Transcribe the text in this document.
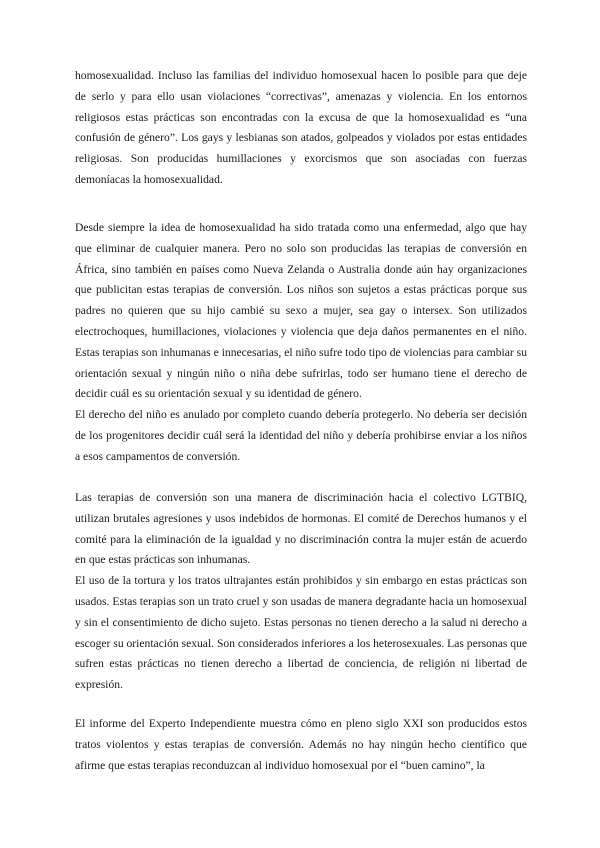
homosexualidad. Incluso las familias del individuo homosexual hacen lo posible para que deje de serlo y para ello usan violaciones “correctivas”, amenazas y violencia. En los entornos religiosos estas prácticas son encontradas con la excusa de que la homosexualidad es “una confusión de género”. Los gays y lesbianas son atados, golpeados y violados por estas entidades religiosas. Son producidas humillaciones y exorcismos que son asociadas con fuerzas demoníacas la homosexualidad.

Desde siempre la idea de homosexualidad ha sido tratada como una enfermedad, algo que hay que eliminar de cualquier manera. Pero no solo son producidas las terapias de conversión en África, sino también en países como Nueva Zelanda o Australia donde aún hay organizaciones que publicitan estas terapias de conversión. Los niños son sujetos a estas prácticas porque sus padres no quieren que su hijo cambié su sexo a mujer, sea gay o intersex. Son utilizados electrochoques, humillaciones, violaciones y violencia que deja daños permanentes en el niño. Estas terapias son inhumanas e innecesarias, el niño sufre todo tipo de violencias para cambiar su orientación sexual y ningún niño o niña debe sufrirlas, todo ser humano tiene el derecho de decidir cuál es su orientación sexual y su identidad de género.

El derecho del niño es anulado por completo cuando debería protegerlo. No debería ser decisión de los progenitores decidir cuál será la identidad del niño y debería prohibirse enviar a los niños a esos campamentos de conversión.

Las terapias de conversión son una manera de discriminación hacia el colectivo LGTBIQ, utilizan brutales agresiones y usos indebidos de hormonas. El comité de Derechos humanos y el comité para la eliminación de la igualdad y no discriminación contra la mujer están de acuerdo en que estas prácticas son inhumanas.

El uso de la tortura y los tratos ultrajantes están prohibidos y sin embargo en estas prácticas son usados. Estas terapias son un trato cruel y son usadas de manera degradante hacia un homosexual y sin el consentimiento de dicho sujeto. Estas personas no tienen derecho a la salud ni derecho a escoger su orientación sexual. Son considerados inferiores a los heterosexuales. Las personas que sufren estas prácticas no tienen derecho a libertad de conciencia, de religión ni libertad de expresión.

El informe del Experto Independiente muestra cómo en pleno siglo XXI son producidos estos tratos violentos y estas terapias de conversión. Además no hay ningún hecho científico que afirme que estas terapias reconduzcan al individuo homosexual por el “buen camino”, la
